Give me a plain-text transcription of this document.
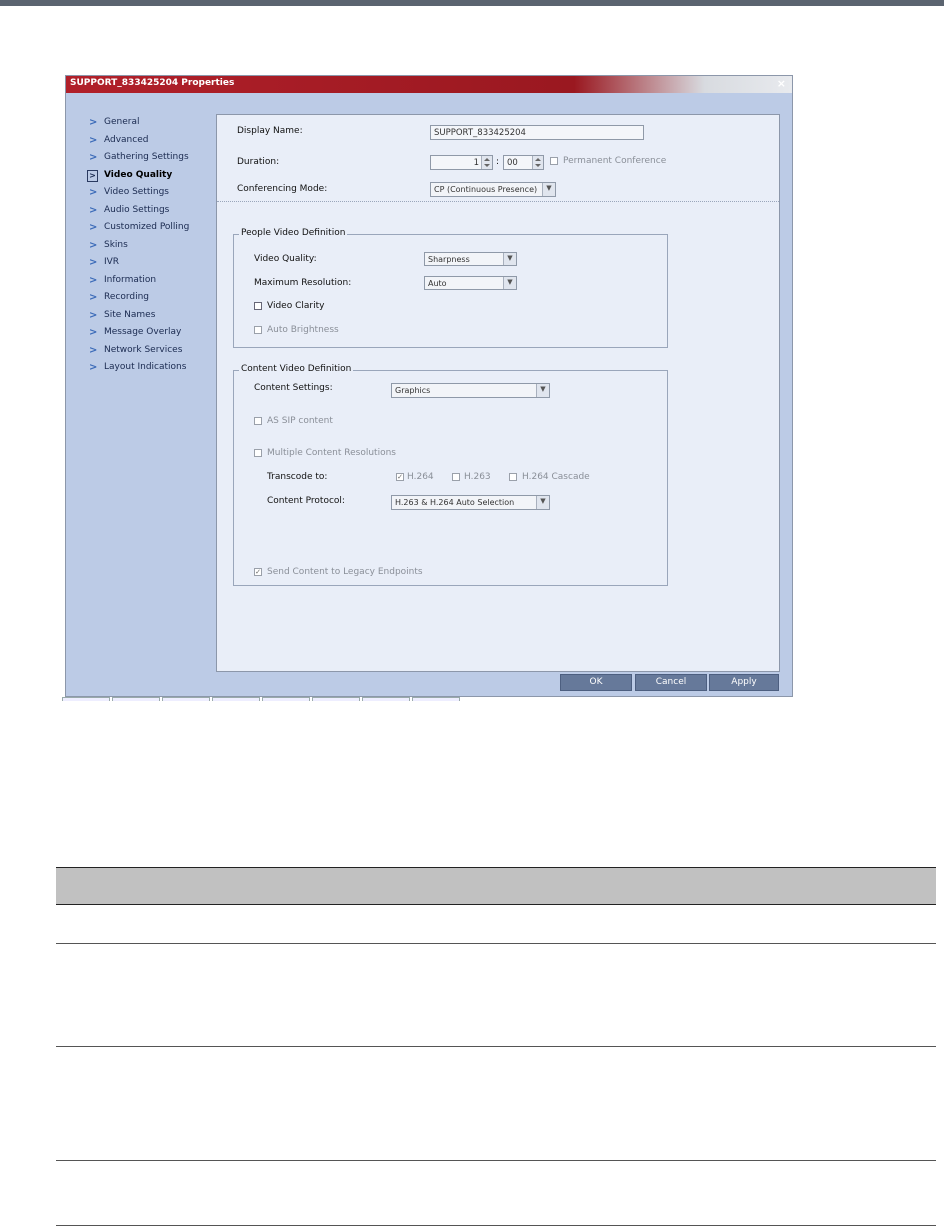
SUPPORT_833425204 Properties	×
> General
> Advanced
> Gathering Settings
> Video Quality
> Video Settings
> Audio Settings
> Customized Polling
> Skins
> IVR
> Information
> Recording
> Site Names
> Message Overlay
> Network Services
> Layout Indications
Display Name:	SUPPORT_833425204
Duration:	1	: 00	Permanent Conference
Conferencing Mode:	CP (Continuous Presence)	▼
People Video Definition
Video Quality:	Sharpness	▼
Maximum Resolution:	Auto	▼
Video Clarity
Auto Brightness
Content Video Definition
Content Settings:	Graphics	▼
AS SIP content
Multiple Content Resolutions
Transcode to:	✓ H.264	H.263	H.264 Cascade
Content Protocol:	H.263 & H.264 Auto Selection	▼
✓ Send Content to Legacy Endpoints
OK	Cancel	Apply
